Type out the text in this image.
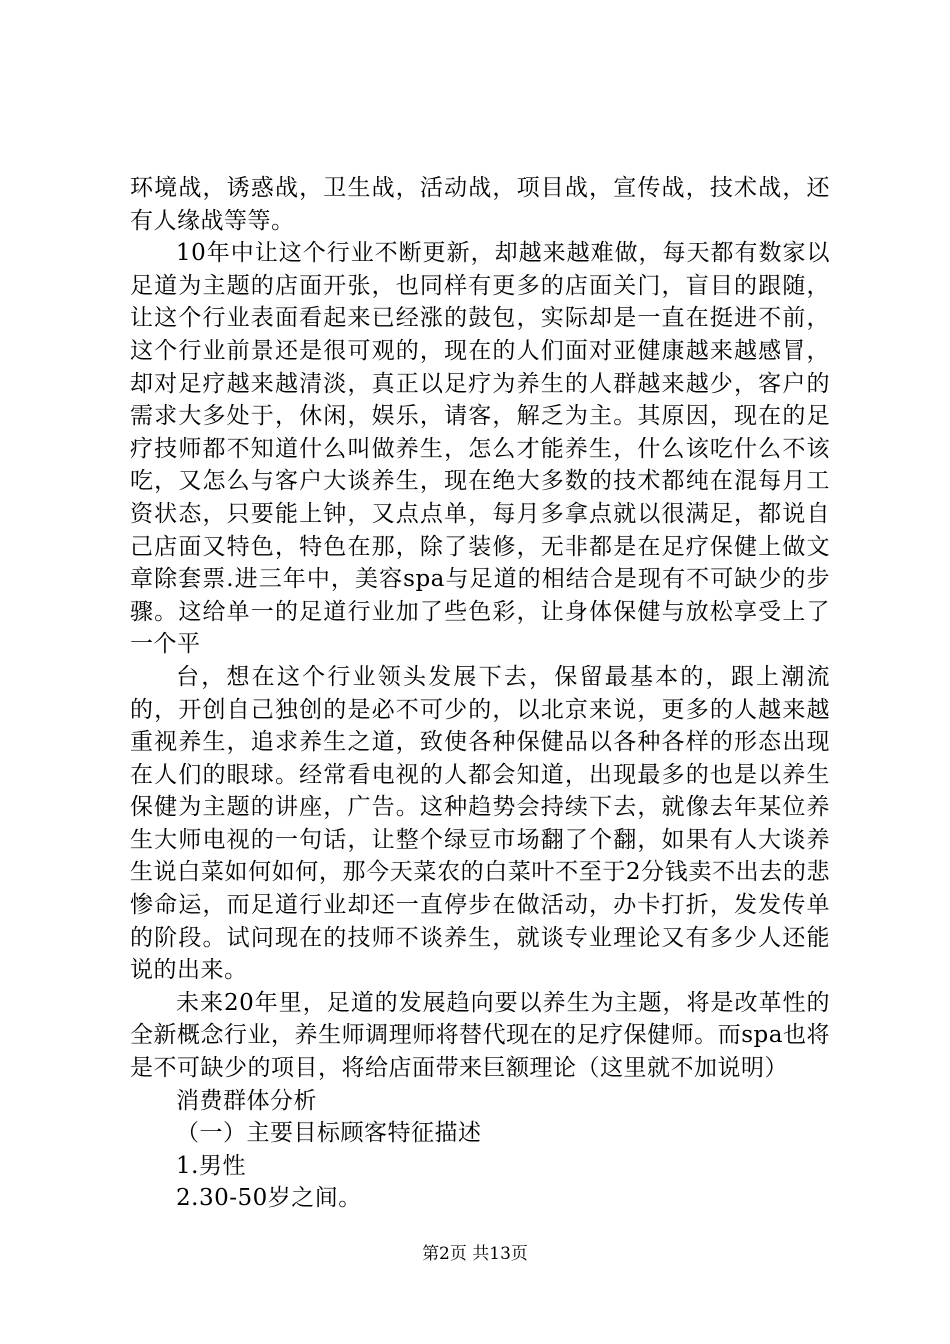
环境战，诱惑战，卫生战，活动战，项目战，宣传战，技术战，还有人缘战等等。

10年中让这个行业不断更新，却越来越难做，每天都有数家以足道为主题的店面开张，也同样有更多的店面关门，盲目的跟随，让这个行业表面看起来已经涨的鼓包，实际却是一直在挺进不前，这个行业前景还是很可观的，现在的人们面对亚健康越来越感冒，却对足疗越来越清淡，真正以足疗为养生的人群越来越少，客户的需求大多处于，休闲，娱乐，请客，解乏为主。其原因，现在的足疗技师都不知道什么叫做养生，怎么才能养生，什么该吃什么不该吃，又怎么与客户大谈养生，现在绝大多数的技术都纯在混每月工资状态，只要能上钟，又点点单，每月多拿点就以很满足，都说自己店面又特色，特色在那，除了装修，无非都是在足疗保健上做文章除套票.进三年中，美容spa与足道的相结合是现有不可缺少的步骤。这给单一的足道行业加了些色彩，让身体保健与放松享受上了一个平

台，想在这个行业领头发展下去，保留最基本的，跟上潮流的，开创自己独创的是必不可少的，以北京来说，更多的人越来越重视养生，追求养生之道，致使各种保健品以各种各样的形态出现在人们的眼球。经常看电视的人都会知道，出现最多的也是以养生保健为主题的讲座，广告。这种趋势会持续下去，就像去年某位养生大师电视的一句话，让整个绿豆市场翻了个翻，如果有人大谈养生说白菜如何如何，那今天菜农的白菜叶不至于2分钱卖不出去的悲惨命运，而足道行业却还一直停步在做活动，办卡打折，发发传单的阶段。试问现在的技师不谈养生，就谈专业理论又有多少人还能说的出来。

未来20年里，足道的发展趋向要以养生为主题，将是改革性的全新概念行业，养生师调理师将替代现在的足疗保健师。而spa也将是不可缺少的项目，将给店面带来巨额理论（这里就不加说明）

消费群体分析

（一）主要目标顾客特征描述

1.男性

2.30-50岁之间。

第2页 共13页
